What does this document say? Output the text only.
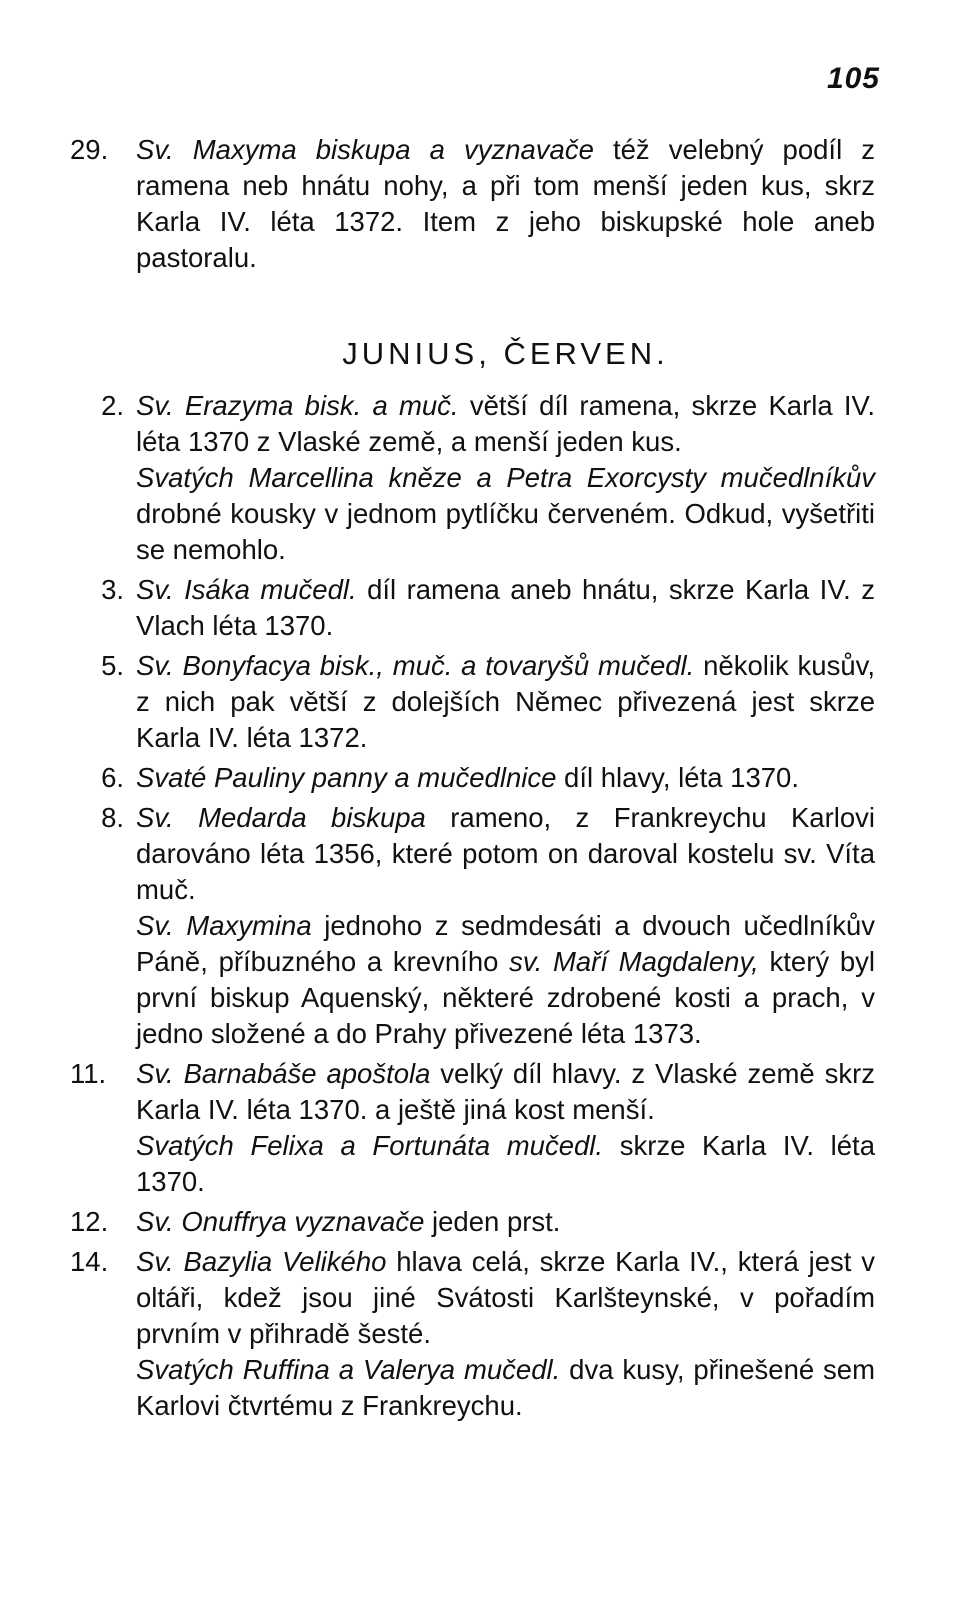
105
29.	Sv. Maxyma biskupa a vyznavače též velebný podíl z ramena neb hnátu nohy, a při tom menší jeden kus, skrz Karla IV. léta 1372. Item z jeho biskupské hole aneb pastoralu.
JUNIUS, ČERVEN.
2. Sv. Erazyma bisk. a muč. větší díl ramena, skrze Karla IV. léta 1370 z Vlaské země, a menší jeden kus.
Svatých Marcellina kněze a Petra Exorcysty mučedlníkův drobné kousky v jednom pytlíčku červeném. Odkud, vyšetřiti se nemohlo.
3. Sv. Isáka mučedl. díl ramena aneb hnátu, skrze Karla IV. z Vlach léta 1370.
5. Sv. Bonyfacya bisk., muč. a tovaryšů mučedl. několik kusův, z nich pak větší z dolejších Němec přivezená jest skrze Karla IV. léta 1372.
6. Svaté Pauliny panny a mučedlnice díl hlavy, léta 1370.
8. Sv. Medarda biskupa rameno, z Frankreychu Karlovi darováno léta 1356, které potom on daroval kostelu sv. Víta muč.
Sv. Maxymina jednoho z sedmdesáti a dvouch učedlníkův Páně, příbuzného a krevního sv. Maří Magdaleny, který byl první biskup Aquenský, některé zdrobené kosti a prach, v jedno složené a do Prahy přivezené léta 1373.
11.	Sv. Barnabáše apoštola velký díl hlavy. z Vlaské země skrz Karla IV. léta 1370. a ještě jiná kost menší.
Svatých Felixa a Fortunáta mučedl. skrze Karla IV. léta 1370.
12.	Sv. Onuffrya vyznavače jeden prst.
14.	Sv. Bazylia Velikého hlava celá, skrze Karla IV., která jest v oltáři, kdež jsou jiné Svátosti Karlšteynské, v pořadím prvním v přihradě šesté.
Svatých Ruffina a Valerya mučedl. dva kusy, přinešené sem Karlovi čtvrtému z Frankreychu.
